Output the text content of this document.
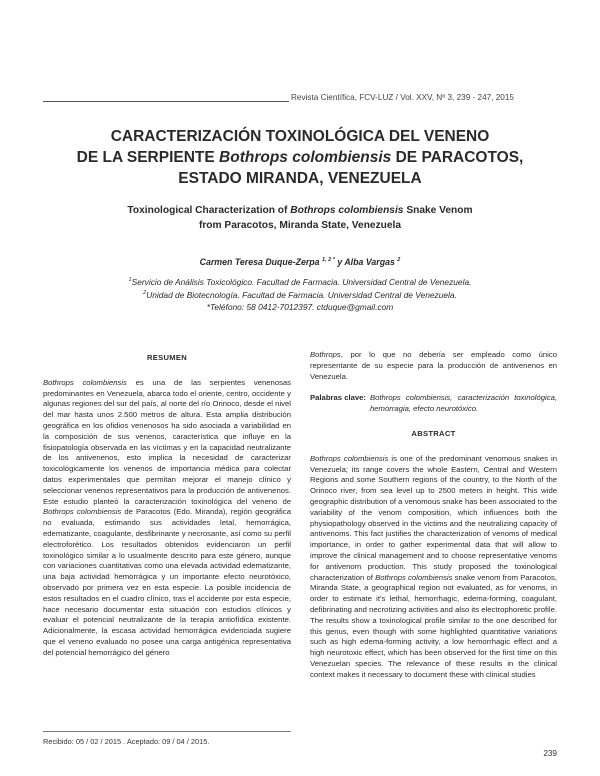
Revista Científica, FCV-LUZ / Vol. XXV, Nº 3, 239 - 247, 2015
CARACTERIZACIÓN TOXINOLÓGICA DEL VENENO
DE LA SERPIENTE Bothrops colombiensis DE PARACOTOS,
ESTADO MIRANDA, VENEZUELA
Toxinological Characterization of Bothrops colombiensis Snake Venom
from Paracotos, Miranda State, Venezuela
Carmen Teresa Duque-Zerpa $^{1, 2 *}$ y Alba Vargas $^2$
$^1$Servicio de Análisis Toxicológico. Facultad de Farmacia. Universidad Central de Venezuela.
$^2$Unidad de Biotecnología. Facultad de Farmacia. Universidad Central de Venezuela.
*Teléfono: 58 0412-7012397. ctduque@gmail.com
RESUMEN

Bothrops colombiensis es una de las serpientes venenosas predominantes en Venezuela, abarca todo el oriente, centro, occidente y algunas regiones del sur del país, al norte del río Orinoco, desde el nivel del mar hasta unos 2.500 metros de altura. Esta amplia distribución geográfica en los ofidios venenosos ha sido asociada a variabilidad en la composición de sus venenos, característica que influye en la fisiopatología observada en las víctimas y en la capacidad neutralizante de los antivenenos, esto implica la necesidad de caracterizar toxicológicamente los venenos de importancia médica para colectar datos experimentales que permitan mejorar el manejo clínico y seleccionar venenos representativos para la producción de antivenenos. Este estudio planteó la caracterización toxinológica del veneno de Bothrops colombiensis de Paracotos (Edo. Miranda), región geográfica no evaluada, estimando sus actividades letal, hemorrágica, edematizante, coagulante, desfibrinante y necrosante, así como su perfil electroforético. Los resultados obtenidos evidenciaron un perfil toxinológico similar a lo usualmente descrito para este género, aunque con variaciones cuantitativas como una elevada actividad edematizante, una baja actividad hemorrágica y un importante efecto neurotóxico, observado por primera vez en esta especie. La posible incidencia de estos resultados en el cuadro clínico, tras el accidente por esta especie, hace necesario documentar esta situación con estudios clínicos y evaluar el potencial neutralizante de la terapia antiofídica existente. Adicionalmente, la escasa actividad hemorrágica evidenciada sugiere que el veneno evaluado no posee una carga antigénica representativa del potencial hemorrágico del género

Bothrops, por lo que no debería ser empleado como único representante de su especie para la producción de antivenenos en Venezuela.

Palabras clave: Bothrops colombiensis, caracterización toxinológica, hemorragia, efecto neurotóxico.

ABSTRACT

Bothrops colombiensis is one of the predominant venomous snakes in Venezuela; its range covers the whole Eastern, Central and Western Regions and some Southern regions of the country, to the North of the Orinoco river, from sea level up to 2500 meters in height. This wide geographic distribution of a venomous snake has been associated to the variability of the venom composition, which influences both the physiopathology observed in the victims and the neutralizing capacity of antivenoms. This fact justifies the characterization of venoms of medical importance, in order to gather experimental data that will allow to improve the clinical management and to choose representative venoms for antivenom production. This study proposed the toxinological characterization of Bothrops colombiensis snake venom from Paracotos, Miranda State, a geographical region not evaluated, as for venoms, in order to estimate it's lethal, hemorrhagic, edema-forming, coagulant, defibrinating and necrotizing activities and also its electrophoretic profile. The results show a toxinological profile similar to the one described for this genus, even though with some highlighted quantitative variations such as high edema-forming activity, a low hemorrhagic effect and a high neurotoxic effect, which has been observed for the first time on this Venezuelan species. The relevance of these results in the clinical context makes it necessary to document these with clinical studies

Recibido: 05 / 02 / 2015 . Aceptado: 09 / 04 / 2015.
239
